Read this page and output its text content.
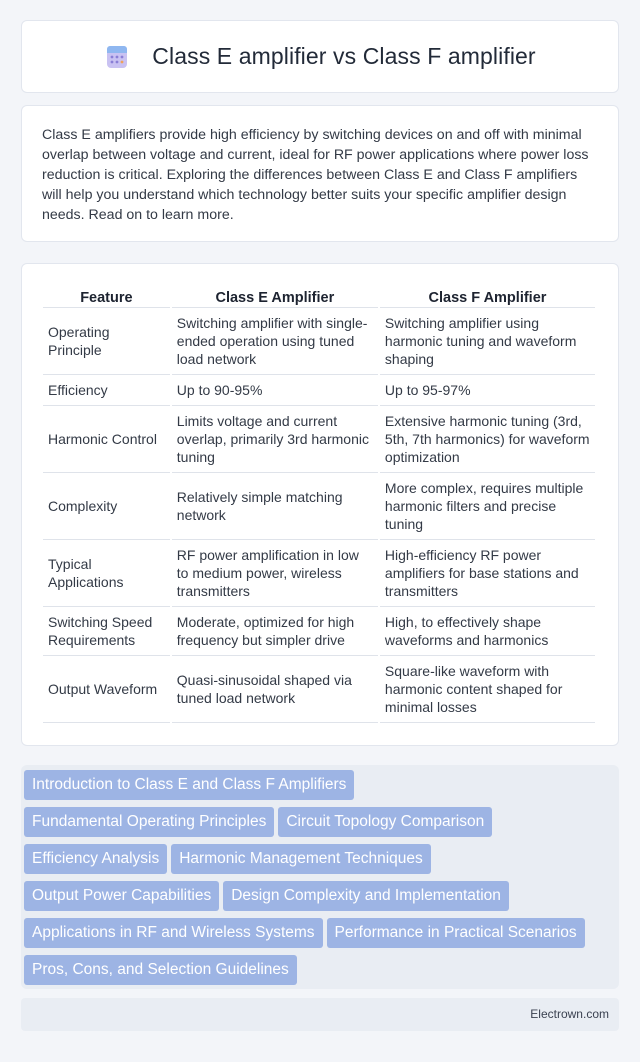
Class E amplifier vs Class F amplifier

Class E amplifiers provide high efficiency by switching devices on and off with minimal overlap between voltage and current, ideal for RF power applications where power loss reduction is critical. Exploring the differences between Class E and Class F amplifiers will help you understand which technology better suits your specific amplifier design needs. Read on to learn more.

Feature	Class E Amplifier	Class F Amplifier
Operating Principle	Switching amplifier with single-ended operation using tuned load network	Switching amplifier using harmonic tuning and waveform shaping
Efficiency	Up to 90-95%	Up to 95-97%
Harmonic Control	Limits voltage and current overlap, primarily 3rd harmonic tuning	Extensive harmonic tuning (3rd, 5th, 7th harmonics) for waveform optimization
Complexity	Relatively simple matching network	More complex, requires multiple harmonic filters and precise tuning
Typical Applications	RF power amplification in low to medium power, wireless transmitters	High-efficiency RF power amplifiers for base stations and transmitters
Switching Speed Requirements	Moderate, optimized for high frequency but simpler drive	High, to effectively shape waveforms and harmonics
Output Waveform	Quasi-sinusoidal shaped via tuned load network	Square-like waveform with harmonic content shaped for minimal losses
Introduction to Class E and Class F Amplifiers
Fundamental Operating Principles Circuit Topology Comparison
Efficiency Analysis Harmonic Management Techniques
Output Power Capabilities Design Complexity and Implementation
Applications in RF and Wireless Systems Performance in Practical Scenarios
Pros, Cons, and Selection Guidelines
Electrown.com
